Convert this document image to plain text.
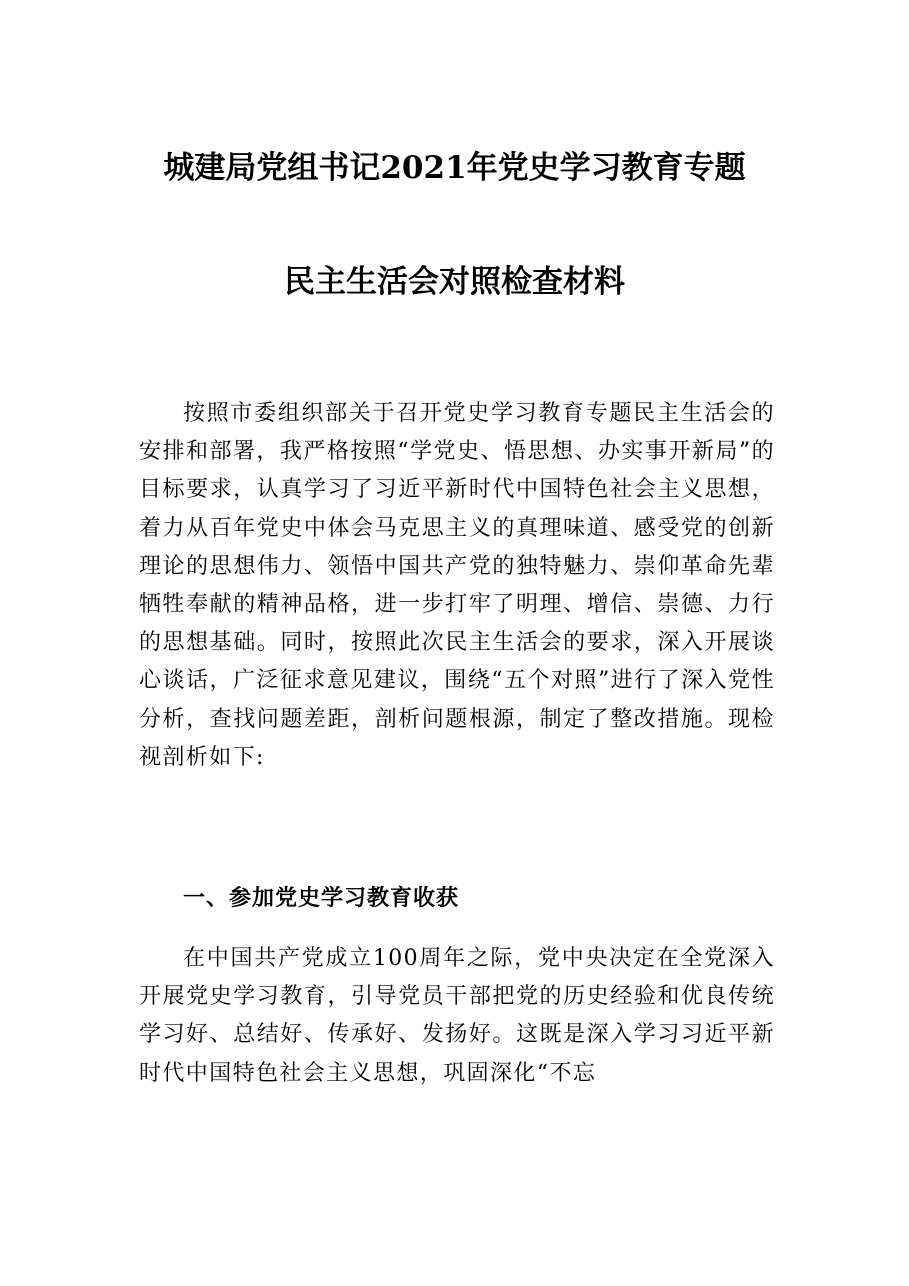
城建局党组书记2021年党史学习教育专题
民主生活会对照检查材料

按照市委组织部关于召开党史学习教育专题民主生活会的安排和部署，我严格按照“学党史、悟思想、办实事开新局”的目标要求，认真学习了习近平新时代中国特色社会主义思想，着力从百年党史中体会马克思主义的真理味道、感受党的创新理论的思想伟力、领悟中国共产党的独特魅力、崇仰革命先辈牺牲奉献的精神品格，进一步打牢了明理、增信、崇德、力行的思想基础。同时，按照此次民主生活会的要求，深入开展谈心谈话，广泛征求意见建议，围绕“五个对照”进行了深入党性分析，查找问题差距，剖析问题根源，制定了整改措施。现检视剖析如下:

一、参加党史学习教育收获

在中国共产党成立100周年之际，党中央决定在全党深入开展党史学习教育，引导党员干部把党的历史经验和优良传统学习好、总结好、传承好、发扬好。这既是深入学习习近平新时代中国特色社会主义思想，巩固深化“不忘
